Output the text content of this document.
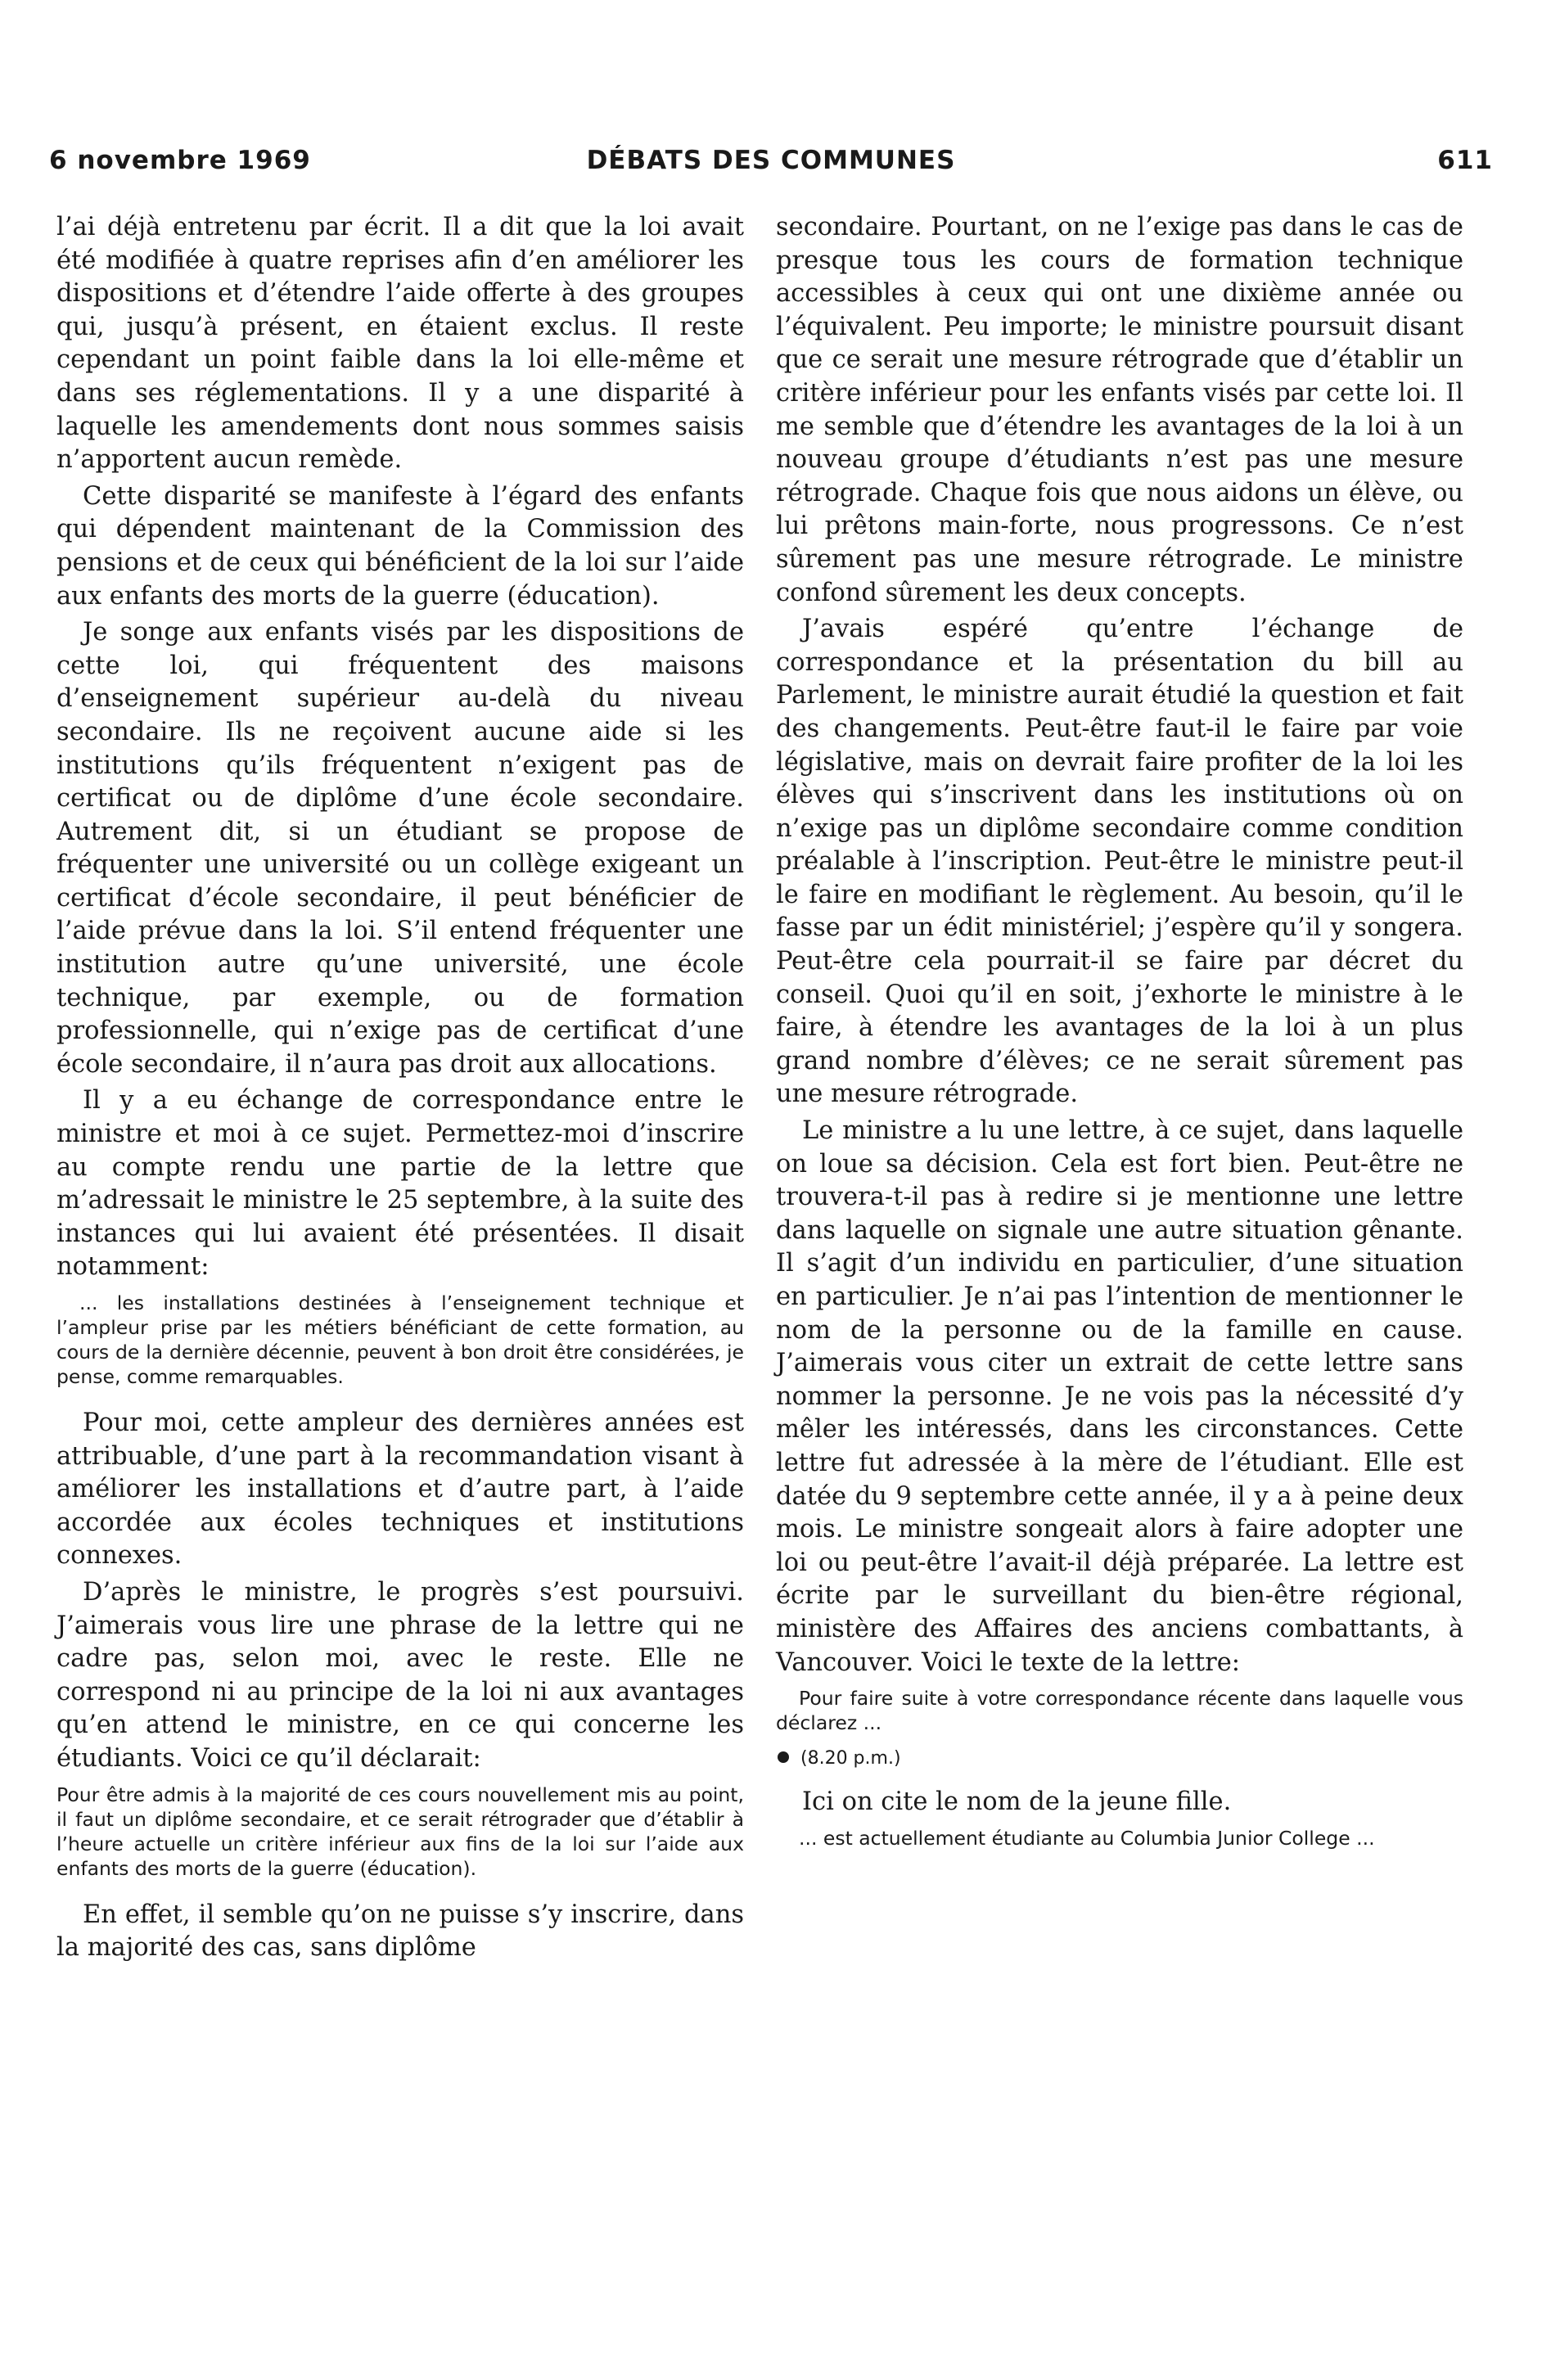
6 novembre 1969	DÉBATS DES COMMUNES	611

l’ai déjà entretenu par écrit. Il a dit que la loi avait été modifiée à quatre reprises afin d’en améliorer les dispositions et d’étendre l’aide offerte à des groupes qui, jusqu’à présent, en étaient exclus. Il reste cependant un point faible dans la loi elle-même et dans ses réglementations. Il y a une disparité à laquelle les amendements dont nous sommes saisis n’apportent aucun remède.

Cette disparité se manifeste à l’égard des enfants qui dépendent maintenant de la Commission des pensions et de ceux qui bénéficient de la loi sur l’aide aux enfants des morts de la guerre (éducation).

Je songe aux enfants visés par les dispositions de cette loi, qui fréquentent des maisons d’enseignement supérieur au-delà du niveau secondaire. Ils ne reçoivent aucune aide si les institutions qu’ils fréquentent n’exigent pas de certificat ou de diplôme d’une école secondaire. Autrement dit, si un étudiant se propose de fréquenter une université ou un collège exigeant un certificat d’école secondaire, il peut bénéficier de l’aide prévue dans la loi. S’il entend fréquenter une institution autre qu’une université, une école technique, par exemple, ou de formation professionnelle, qui n’exige pas de certificat d’une école secondaire, il n’aura pas droit aux allocations.

Il y a eu échange de correspondance entre le ministre et moi à ce sujet. Permettez-moi d’inscrire au compte rendu une partie de la lettre que m’adressait le ministre le 25 septembre, à la suite des instances qui lui avaient été présentées. Il disait notamment:

... les installations destinées à l’enseignement technique et l’ampleur prise par les métiers bénéficiant de cette formation, au cours de la dernière décennie, peuvent à bon droit être considérées, je pense, comme remarquables.

Pour moi, cette ampleur des dernières années est attribuable, d’une part à la recommandation visant à améliorer les installations et d’autre part, à l’aide accordée aux écoles techniques et institutions connexes.

D’après le ministre, le progrès s’est poursuivi. J’aimerais vous lire une phrase de la lettre qui ne cadre pas, selon moi, avec le reste. Elle ne correspond ni au principe de la loi ni aux avantages qu’en attend le ministre, en ce qui concerne les étudiants. Voici ce qu’il déclarait:

Pour être admis à la majorité de ces cours nouvellement mis au point, il faut un diplôme secondaire, et ce serait rétrograder que d’établir à l’heure actuelle un critère inférieur aux fins de la loi sur l’aide aux enfants des morts de la guerre (éducation).

En effet, il semble qu’on ne puisse s’y inscrire, dans la majorité des cas, sans diplôme

secondaire. Pourtant, on ne l’exige pas dans le cas de presque tous les cours de formation technique accessibles à ceux qui ont une dixième année ou l’équivalent. Peu importe; le ministre poursuit disant que ce serait une mesure rétrograde que d’établir un critère inférieur pour les enfants visés par cette loi. Il me semble que d’étendre les avantages de la loi à un nouveau groupe d’étudiants n’est pas une mesure rétrograde. Chaque fois que nous aidons un élève, ou lui prêtons main-forte, nous progressons. Ce n’est sûrement pas une mesure rétrograde. Le ministre confond sûrement les deux concepts.

J’avais espéré qu’entre l’échange de correspondance et la présentation du bill au Parlement, le ministre aurait étudié la question et fait des changements. Peut-être faut-il le faire par voie législative, mais on devrait faire profiter de la loi les élèves qui s’inscrivent dans les institutions où on n’exige pas un diplôme secondaire comme condition préalable à l’inscription. Peut-être le ministre peut-il le faire en modifiant le règlement. Au besoin, qu’il le fasse par un édit ministériel; j’espère qu’il y songera. Peut-être cela pourrait-il se faire par décret du conseil. Quoi qu’il en soit, j’exhorte le ministre à le faire, à étendre les avantages de la loi à un plus grand nombre d’élèves; ce ne serait sûrement pas une mesure rétrograde.

Le ministre a lu une lettre, à ce sujet, dans laquelle on loue sa décision. Cela est fort bien. Peut-être ne trouvera-t-il pas à redire si je mentionne une lettre dans laquelle on signale une autre situation gênante. Il s’agit d’un individu en particulier, d’une situation en particulier. Je n’ai pas l’intention de mentionner le nom de la personne ou de la famille en cause. J’aimerais vous citer un extrait de cette lettre sans nommer la personne. Je ne vois pas la nécessité d’y mêler les intéressés, dans les circonstances. Cette lettre fut adressée à la mère de l’étudiant. Elle est datée du 9 septembre cette année, il y a à peine deux mois. Le ministre songeait alors à faire adopter une loi ou peut-être l’avait-il déjà préparée. La lettre est écrite par le surveillant du bien-être régional, ministère des Affaires des anciens combattants, à Vancouver. Voici le texte de la lettre:

Pour faire suite à votre correspondance récente dans laquelle vous déclarez ...

(8.20 p.m.)

Ici on cite le nom de la jeune fille.

... est actuellement étudiante au Columbia Junior College ...
